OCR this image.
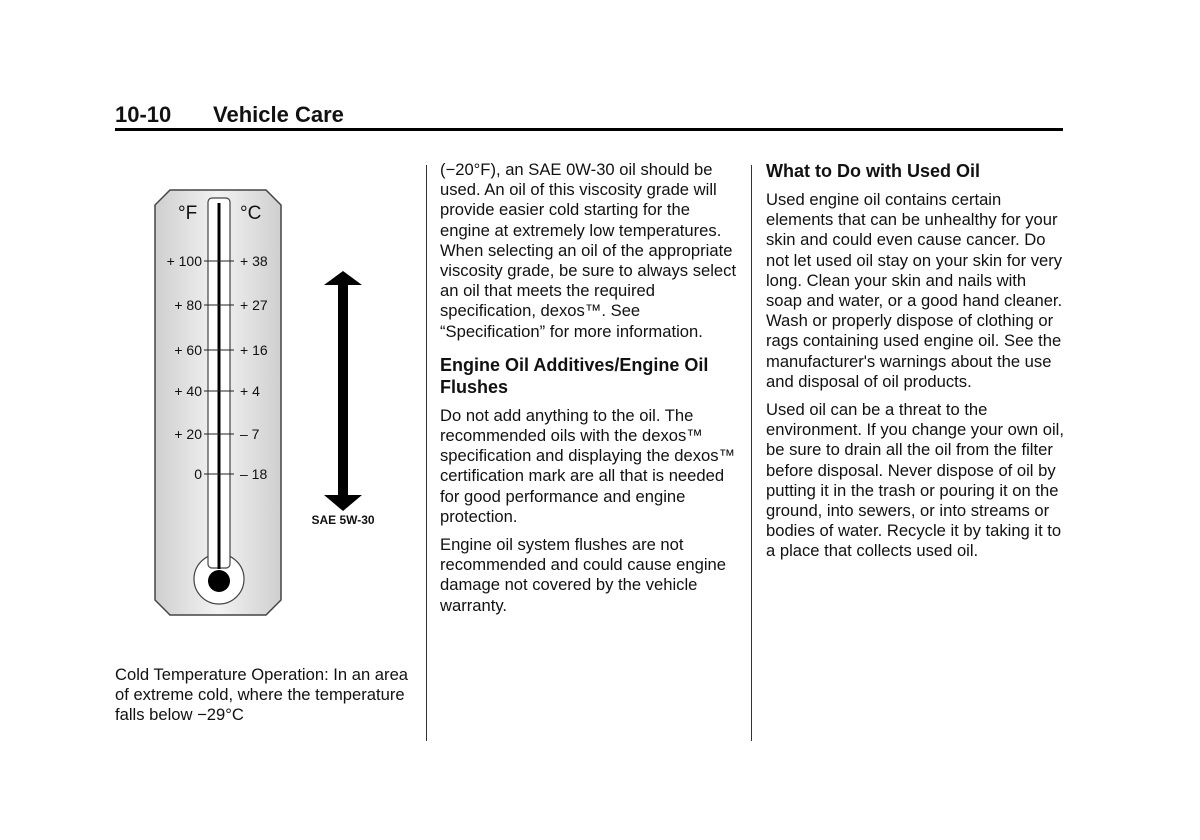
10-10 Vehicle Care
°F °C
+ 100
+ 80
+ 60
+ 40
+ 20
0
+ 38
+ 27
+ 16
+ 4
– 7
– 18
SAE 5W-30
Cold Temperature Operation: In an area of extreme cold, where the temperature falls below −29°C

(−20°F), an SAE 0W-30 oil should be used. An oil of this viscosity grade will provide easier cold starting for the engine at extremely low temperatures. When selecting an oil of the appropriate viscosity grade, be sure to always select an oil that meets the required specification, dexos™. See “Specification” for more information.

Engine Oil Additives/Engine Oil Flushes

Do not add anything to the oil. The recommended oils with the dexos™ specification and displaying the dexos™ certification mark are all that is needed for good performance and engine protection.

Engine oil system flushes are not recommended and could cause engine damage not covered by the vehicle warranty.

What to Do with Used Oil

Used engine oil contains certain elements that can be unhealthy for your skin and could even cause cancer. Do not let used oil stay on your skin for very long. Clean your skin and nails with soap and water, or a good hand cleaner. Wash or properly dispose of clothing or rags containing used engine oil. See the manufacturer's warnings about the use and disposal of oil products.

Used oil can be a threat to the environment. If you change your own oil, be sure to drain all the oil from the filter before disposal. Never dispose of oil by putting it in the trash or pouring it on the ground, into sewers, or into streams or bodies of water. Recycle it by taking it to a place that collects used oil.
